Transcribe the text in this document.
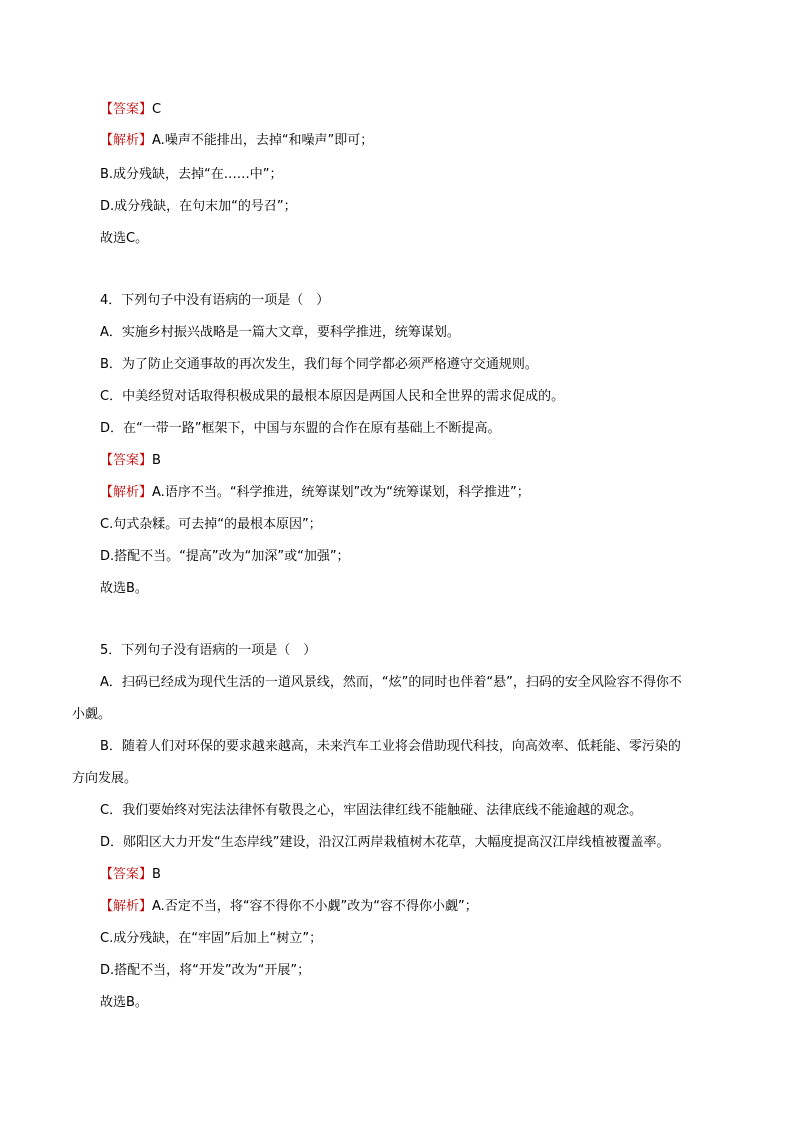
【答案】C
【解析】A.噪声不能排出，去掉“和噪声”即可；
B.成分残缺，去掉“在……中”；
D.成分残缺，在句末加“的号召”；
故选C。
4．下列句子中没有语病的一项是（　）
A．实施乡村振兴战略是一篇大文章，要科学推进，统筹谋划。
B．为了防止交通事故的再次发生，我们每个同学都必须严格遵守交通规则。
C．中美经贸对话取得积极成果的最根本原因是两国人民和全世界的需求促成的。
D．在“一带一路”框架下，中国与东盟的合作在原有基础上不断提高。
【答案】B
【解析】A.语序不当。“科学推进，统筹谋划”改为“统筹谋划，科学推进”；
C.句式杂糅。可去掉“的最根本原因”；
D.搭配不当。“提高”改为“加深”或“加强”；
故选B。
5．下列句子没有语病的一项是（　）
A．扫码已经成为现代生活的一道风景线，然而，“炫”的同时也伴着“悬”，扫码的安全风险容不得你不
小觑。
B．随着人们对环保的要求越来越高，未来汽车工业将会借助现代科技，向高效率、低耗能、零污染的
方向发展。
C．我们要始终对宪法法律怀有敬畏之心，牢固法律红线不能触碰、法律底线不能逾越的观念。
D．郧阳区大力开发“生态岸线”建设，沿汉江两岸栽植树木花草，大幅度提高汉江岸线植被覆盖率。
【答案】B
【解析】A.否定不当，将“容不得你不小觑”改为“容不得你小觑”；
C.成分残缺，在“牢固”后加上“树立”；
D.搭配不当，将“开发”改为“开展”；
故选B。
